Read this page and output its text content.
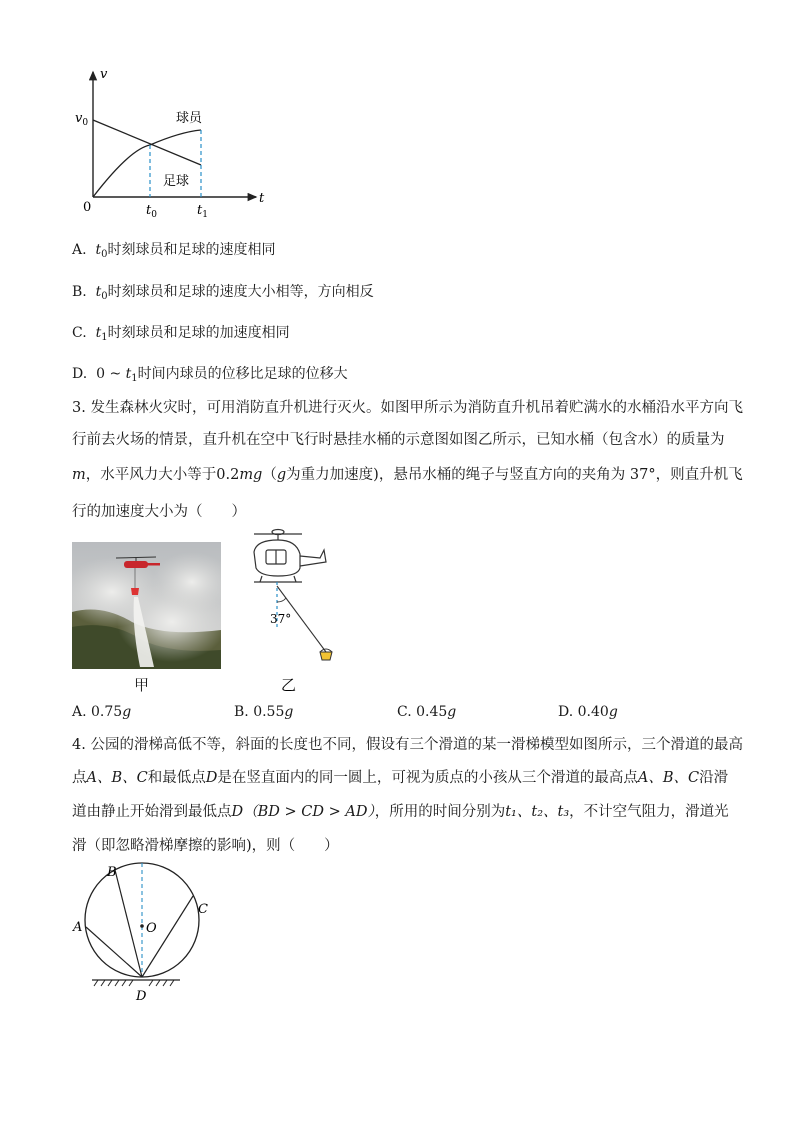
v
t
$v_0$
0
球员
足球
$t_0$	$t_1$
A. $t_0$时刻球员和足球的速度相同
B. $t_0$时刻球员和足球的速度大小相等，方向相反
C. $t_1$时刻球员和足球的加速度相同
D. 0 ~ $t_1$时间内球员的位移比足球的位移大
3. 发生森林火灾时，可用消防直升机进行灭火。如图甲所示为消防直升机吊着贮满水的水桶沿水平方向飞
行前去火场的情景，直升机在空中飞行时悬挂水桶的示意图如图乙所示，已知水桶（包含水）的质量为
m，水平风力大小等于0.2mg（g为重力加速度)，悬吊水桶的绳子与竖直方向的夹角为 37°，则直升机飞
行的加速度大小为（　　）
甲
37°
乙
A. 0.75g	B. 0.55g	C. 0.45g	D. 0.40g
4. 公园的滑梯高低不等，斜面的长度也不同，假设有三个滑道的某一滑梯模型如图所示，三个滑道的最高
点A、B、C和最低点D是在竖直面内的同一圆上，可视为质点的小孩从三个滑道的最高点A、B、C沿滑
道由静止开始滑到最低点D（BD > CD > AD），所用的时间分别为t₁、t₂、t₃，不计空气阻力，滑道光
滑（即忽略滑梯摩擦的影响)，则（　　）
A
B
C
O
D
